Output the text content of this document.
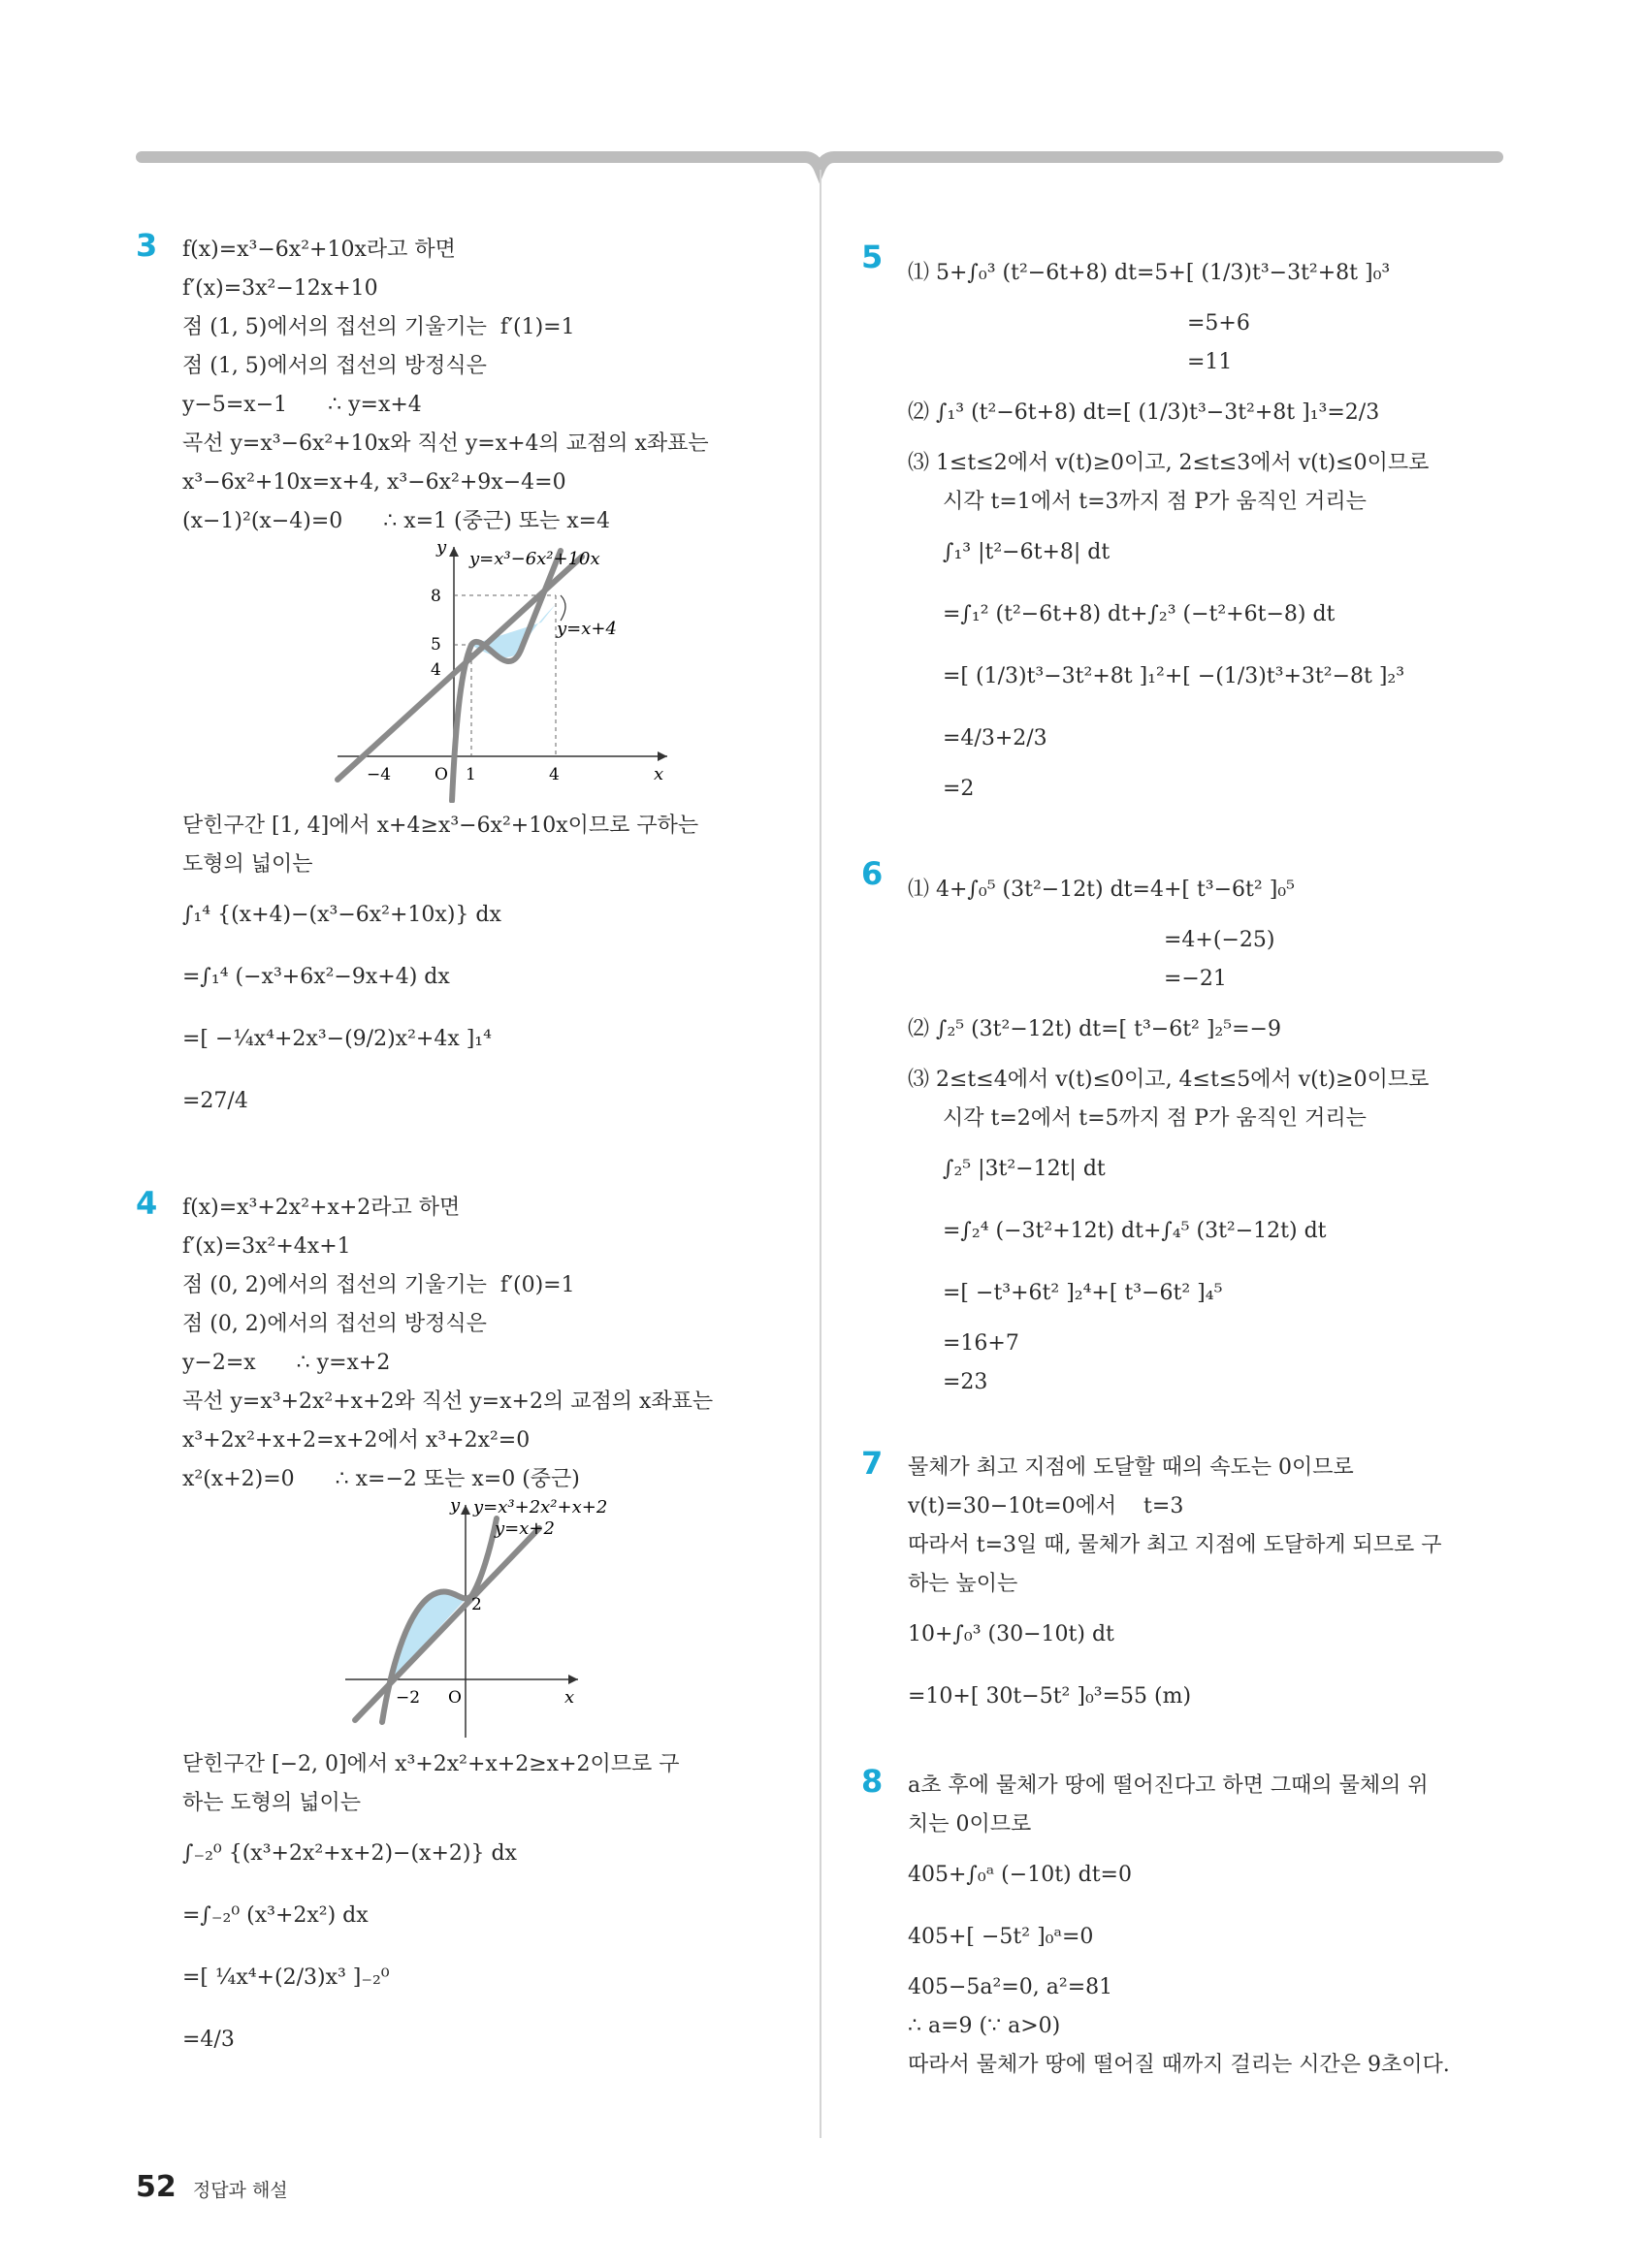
3 f(x)=x³−6x²+10x라고 하면
f′(x)=3x²−12x+10
점 (1, 5)에서의 접선의 기울기는  f′(1)=1
점 (1, 5)에서의 접선의 방정식은
y−5=x−1      ∴ y=x+4
곡선 y=x³−6x²+10x와 직선 y=x+4의 교점의 x좌표는
x³−6x²+10x=x+4, x³−6x²+9x−4=0
(x−1)²(x−4)=0      ∴ x=1 (중근) 또는 x=4
y
y=x³−6x²+10x
y=x+4
8
5
4
−4	O 1	4	x
닫힌구간 [1, 4]에서 x+4≥x³−6x²+10x이므로 구하는
도형의 넓이는
∫₁⁴ {(x+4)−(x³−6x²+10x)} dx
=∫₁⁴ (−x³+6x²−9x+4) dx
=[ −¼x⁴+2x³−(9/2)x²+4x ]₁⁴
=27/4
4 f(x)=x³+2x²+x+2라고 하면
f′(x)=3x²+4x+1
점 (0, 2)에서의 접선의 기울기는  f′(0)=1
점 (0, 2)에서의 접선의 방정식은
y−2=x      ∴ y=x+2
곡선 y=x³+2x²+x+2와 직선 y=x+2의 교점의 x좌표는
x³+2x²+x+2=x+2에서 x³+2x²=0
x²(x+2)=0      ∴ x=−2 또는 x=0 (중근)
y y=x³+2x²+x+2
y=x+2
2
−2 O	x
닫힌구간 [−2, 0]에서 x³+2x²+x+2≥x+2이므로 구
하는 도형의 넓이는
∫₋₂⁰ {(x³+2x²+x+2)−(x+2)} dx
=∫₋₂⁰ (x³+2x²) dx
=[ ¼x⁴+(2/3)x³ ]₋₂⁰
=4/3
5 ⑴ 5+∫₀³ (t²−6t+8) dt=5+[ (1/3)t³−3t²+8t ]₀³
=5+6
=11
⑵ ∫₁³ (t²−6t+8) dt=[ (1/3)t³−3t²+8t ]₁³=2/3
⑶ 1≤t≤2에서 v(t)≥0이고, 2≤t≤3에서 v(t)≤0이므로
시각 t=1에서 t=3까지 점 P가 움직인 거리는
∫₁³ |t²−6t+8| dt
=∫₁² (t²−6t+8) dt+∫₂³ (−t²+6t−8) dt
=[ (1/3)t³−3t²+8t ]₁²+[ −(1/3)t³+3t²−8t ]₂³
=4/3+2/3
=2
6 ⑴ 4+∫₀⁵ (3t²−12t) dt=4+[ t³−6t² ]₀⁵
=4+(−25)
=−21
⑵ ∫₂⁵ (3t²−12t) dt=[ t³−6t² ]₂⁵=−9
⑶ 2≤t≤4에서 v(t)≤0이고, 4≤t≤5에서 v(t)≥0이므로
시각 t=2에서 t=5까지 점 P가 움직인 거리는
∫₂⁵ |3t²−12t| dt
=∫₂⁴ (−3t²+12t) dt+∫₄⁵ (3t²−12t) dt
=[ −t³+6t² ]₂⁴+[ t³−6t² ]₄⁵
=16+7
=23
7 물체가 최고 지점에 도달할 때의 속도는 0이므로
v(t)=30−10t=0에서    t=3
따라서 t=3일 때, 물체가 최고 지점에 도달하게 되므로 구
하는 높이는
10+∫₀³ (30−10t) dt
=10+[ 30t−5t² ]₀³=55 (m)
8 a초 후에 물체가 땅에 떨어진다고 하면 그때의 물체의 위
치는 0이므로
405+∫₀ᵃ (−10t) dt=0
405+[ −5t² ]₀ᵃ=0
405−5a²=0, a²=81
∴ a=9 (∵ a>0)
따라서 물체가 땅에 떨어질 때까지 걸리는 시간은 9초이다.
52 정답과 해설
